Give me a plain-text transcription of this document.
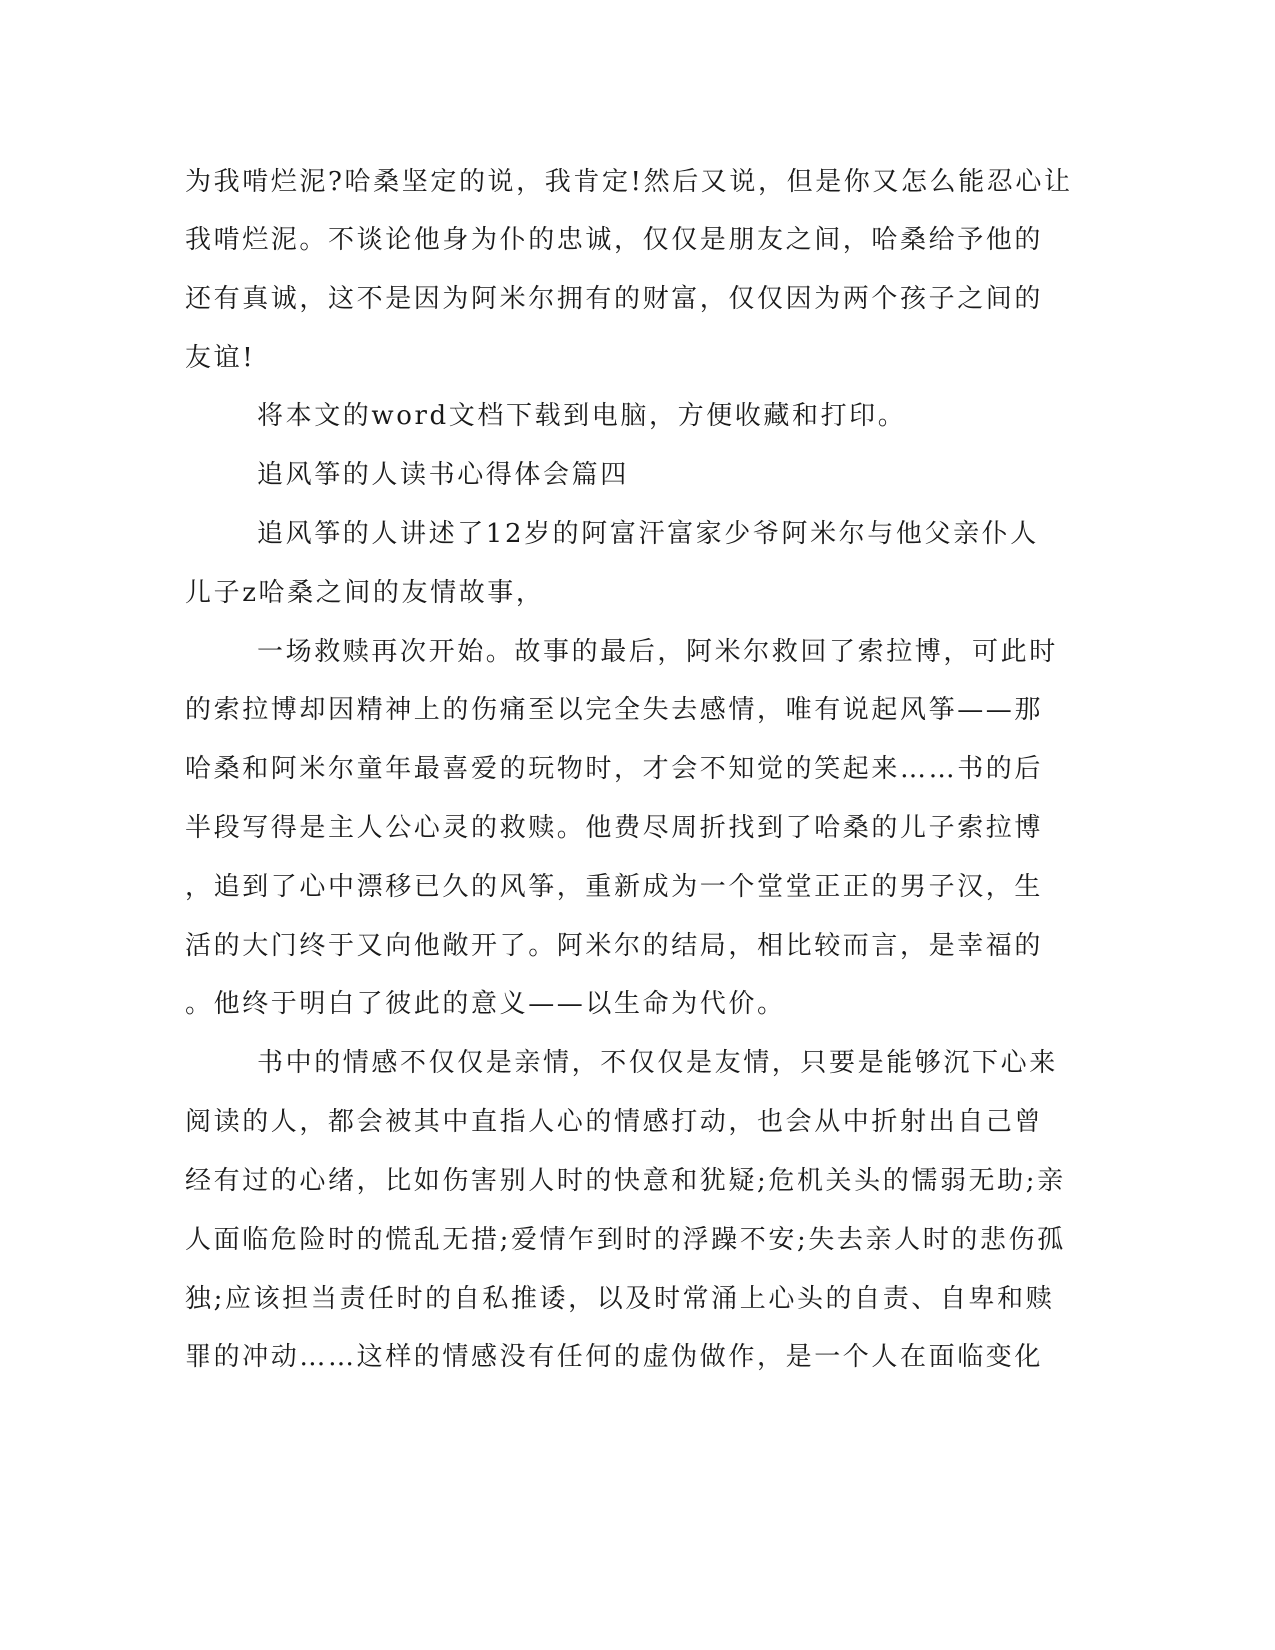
为我啃烂泥?哈桑坚定的说，我肯定!然后又说，但是你又怎么能忍心让
我啃烂泥。不谈论他身为仆的忠诚，仅仅是朋友之间，哈桑给予他的
还有真诚，这不是因为阿米尔拥有的财富，仅仅因为两个孩子之间的
友谊!
将本文的word文档下载到电脑，方便收藏和打印。
追风筝的人读书心得体会篇四
追风筝的人讲述了12岁的阿富汗富家少爷阿米尔与他父亲仆人
儿子z哈桑之间的友情故事，
一场救赎再次开始。故事的最后，阿米尔救回了索拉博，可此时
的索拉博却因精神上的伤痛至以完全失去感情，唯有说起风筝——那
哈桑和阿米尔童年最喜爱的玩物时，才会不知觉的笑起来……书的后
半段写得是主人公心灵的救赎。他费尽周折找到了哈桑的儿子索拉博
，追到了心中漂移已久的风筝，重新成为一个堂堂正正的男子汉，生
活的大门终于又向他敞开了。阿米尔的结局，相比较而言，是幸福的
。他终于明白了彼此的意义——以生命为代价。
书中的情感不仅仅是亲情，不仅仅是友情，只要是能够沉下心来
阅读的人，都会被其中直指人心的情感打动，也会从中折射出自己曾
经有过的心绪，比如伤害别人时的快意和犹疑;危机关头的懦弱无助;亲
人面临危险时的慌乱无措;爱情乍到时的浮躁不安;失去亲人时的悲伤孤
独;应该担当责任时的自私推诿，以及时常涌上心头的自责、自卑和赎
罪的冲动……这样的情感没有任何的虚伪做作，是一个人在面临变化
